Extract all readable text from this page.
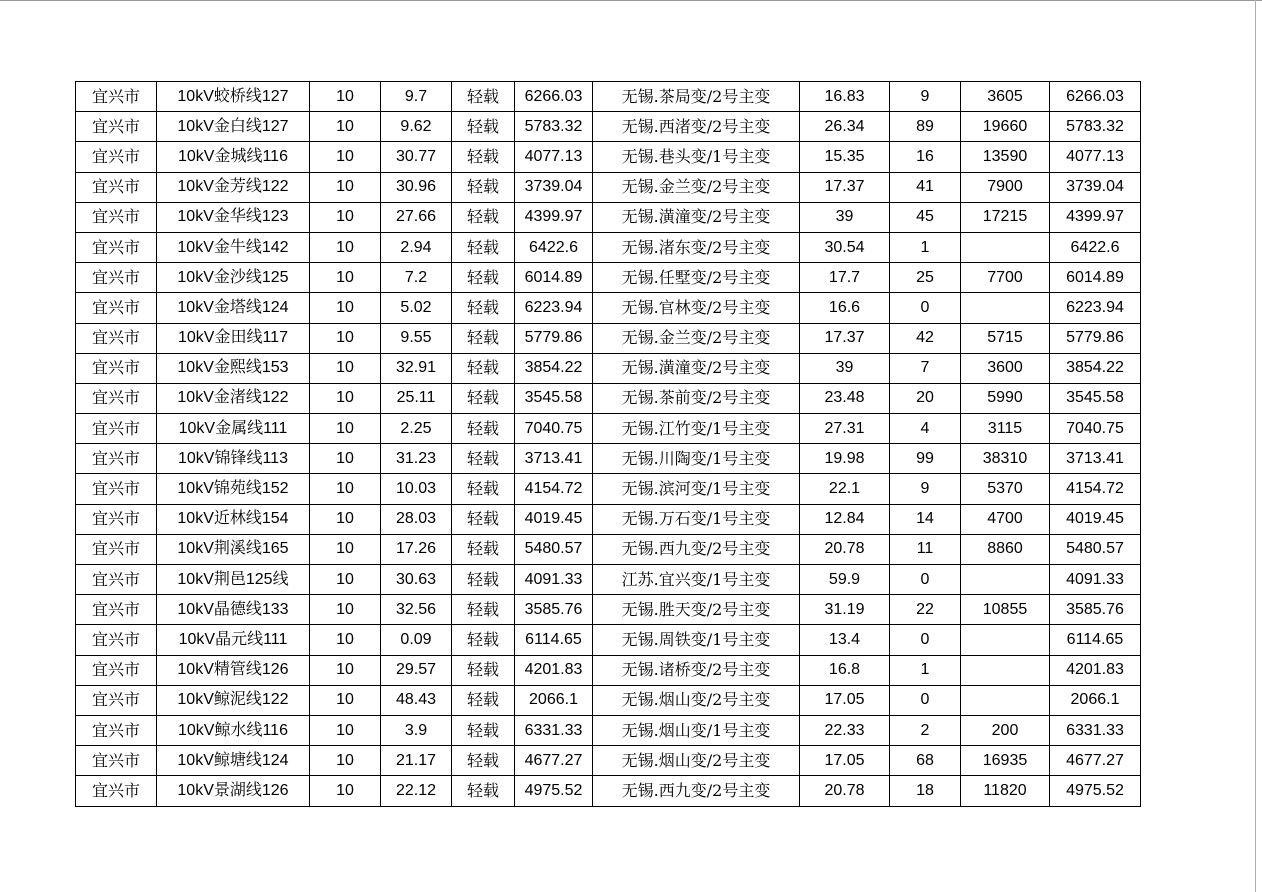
宜兴市	10kV蛟桥线127	10	9.7	轻载	6266.03	无锡.茶局变/2号主变	16.83	9	3605	6266.03
宜兴市	10kV金白线127	10	9.62	轻载	5783.32	无锡.西渚变/2号主变	26.34	89	19660	5783.32
宜兴市	10kV金城线116	10	30.77	轻载	4077.13	无锡.巷头变/1号主变	15.35	16	13590	4077.13
宜兴市	10kV金芳线122	10	30.96	轻载	3739.04	无锡.金兰变/2号主变	17.37	41	7900	3739.04
宜兴市	10kV金华线123	10	27.66	轻载	4399.97	无锡.潢潼变/2号主变	39	45	17215	4399.97
宜兴市	10kV金牛线142	10	2.94	轻载	6422.6	无锡.渚东变/2号主变	30.54	1		6422.6
宜兴市	10kV金沙线125	10	7.2	轻载	6014.89	无锡.任墅变/2号主变	17.7	25	7700	6014.89
宜兴市	10kV金塔线124	10	5.02	轻载	6223.94	无锡.官林变/2号主变	16.6	0		6223.94
宜兴市	10kV金田线117	10	9.55	轻载	5779.86	无锡.金兰变/2号主变	17.37	42	5715	5779.86
宜兴市	10kV金熙线153	10	32.91	轻载	3854.22	无锡.潢潼变/2号主变	39	7	3600	3854.22
宜兴市	10kV金渚线122	10	25.11	轻载	3545.58	无锡.茶前变/2号主变	23.48	20	5990	3545.58
宜兴市	10kV金属线111	10	2.25	轻载	7040.75	无锡.江竹变/1号主变	27.31	4	3115	7040.75
宜兴市	10kV锦锋线113	10	31.23	轻载	3713.41	无锡.川陶变/1号主变	19.98	99	38310	3713.41
宜兴市	10kV锦苑线152	10	10.03	轻载	4154.72	无锡.滨河变/1号主变	22.1	9	5370	4154.72
宜兴市	10kV近林线154	10	28.03	轻载	4019.45	无锡.万石变/1号主变	12.84	14	4700	4019.45
宜兴市	10kV荆溪线165	10	17.26	轻载	5480.57	无锡.西九变/2号主变	20.78	11	8860	5480.57
宜兴市	10kV荆邑125线	10	30.63	轻载	4091.33	江苏.宜兴变/1号主变	59.9	0		4091.33
宜兴市	10kV晶德线133	10	32.56	轻载	3585.76	无锡.胜天变/2号主变	31.19	22	10855	3585.76
宜兴市	10kV晶元线111	10	0.09	轻载	6114.65	无锡.周铁变/1号主变	13.4	0		6114.65
宜兴市	10kV精管线126	10	29.57	轻载	4201.83	无锡.诸桥变/2号主变	16.8	1		4201.83
宜兴市	10kV鲸泥线122	10	48.43	轻载	2066.1	无锡.烟山变/2号主变	17.05	0		2066.1
宜兴市	10kV鲸水线116	10	3.9	轻载	6331.33	无锡.烟山变/1号主变	22.33	2	200	6331.33
宜兴市	10kV鲸塘线124	10	21.17	轻载	4677.27	无锡.烟山变/2号主变	17.05	68	16935	4677.27
宜兴市	10kV景湖线126	10	22.12	轻载	4975.52	无锡.西九变/2号主变	20.78	18	11820	4975.52
